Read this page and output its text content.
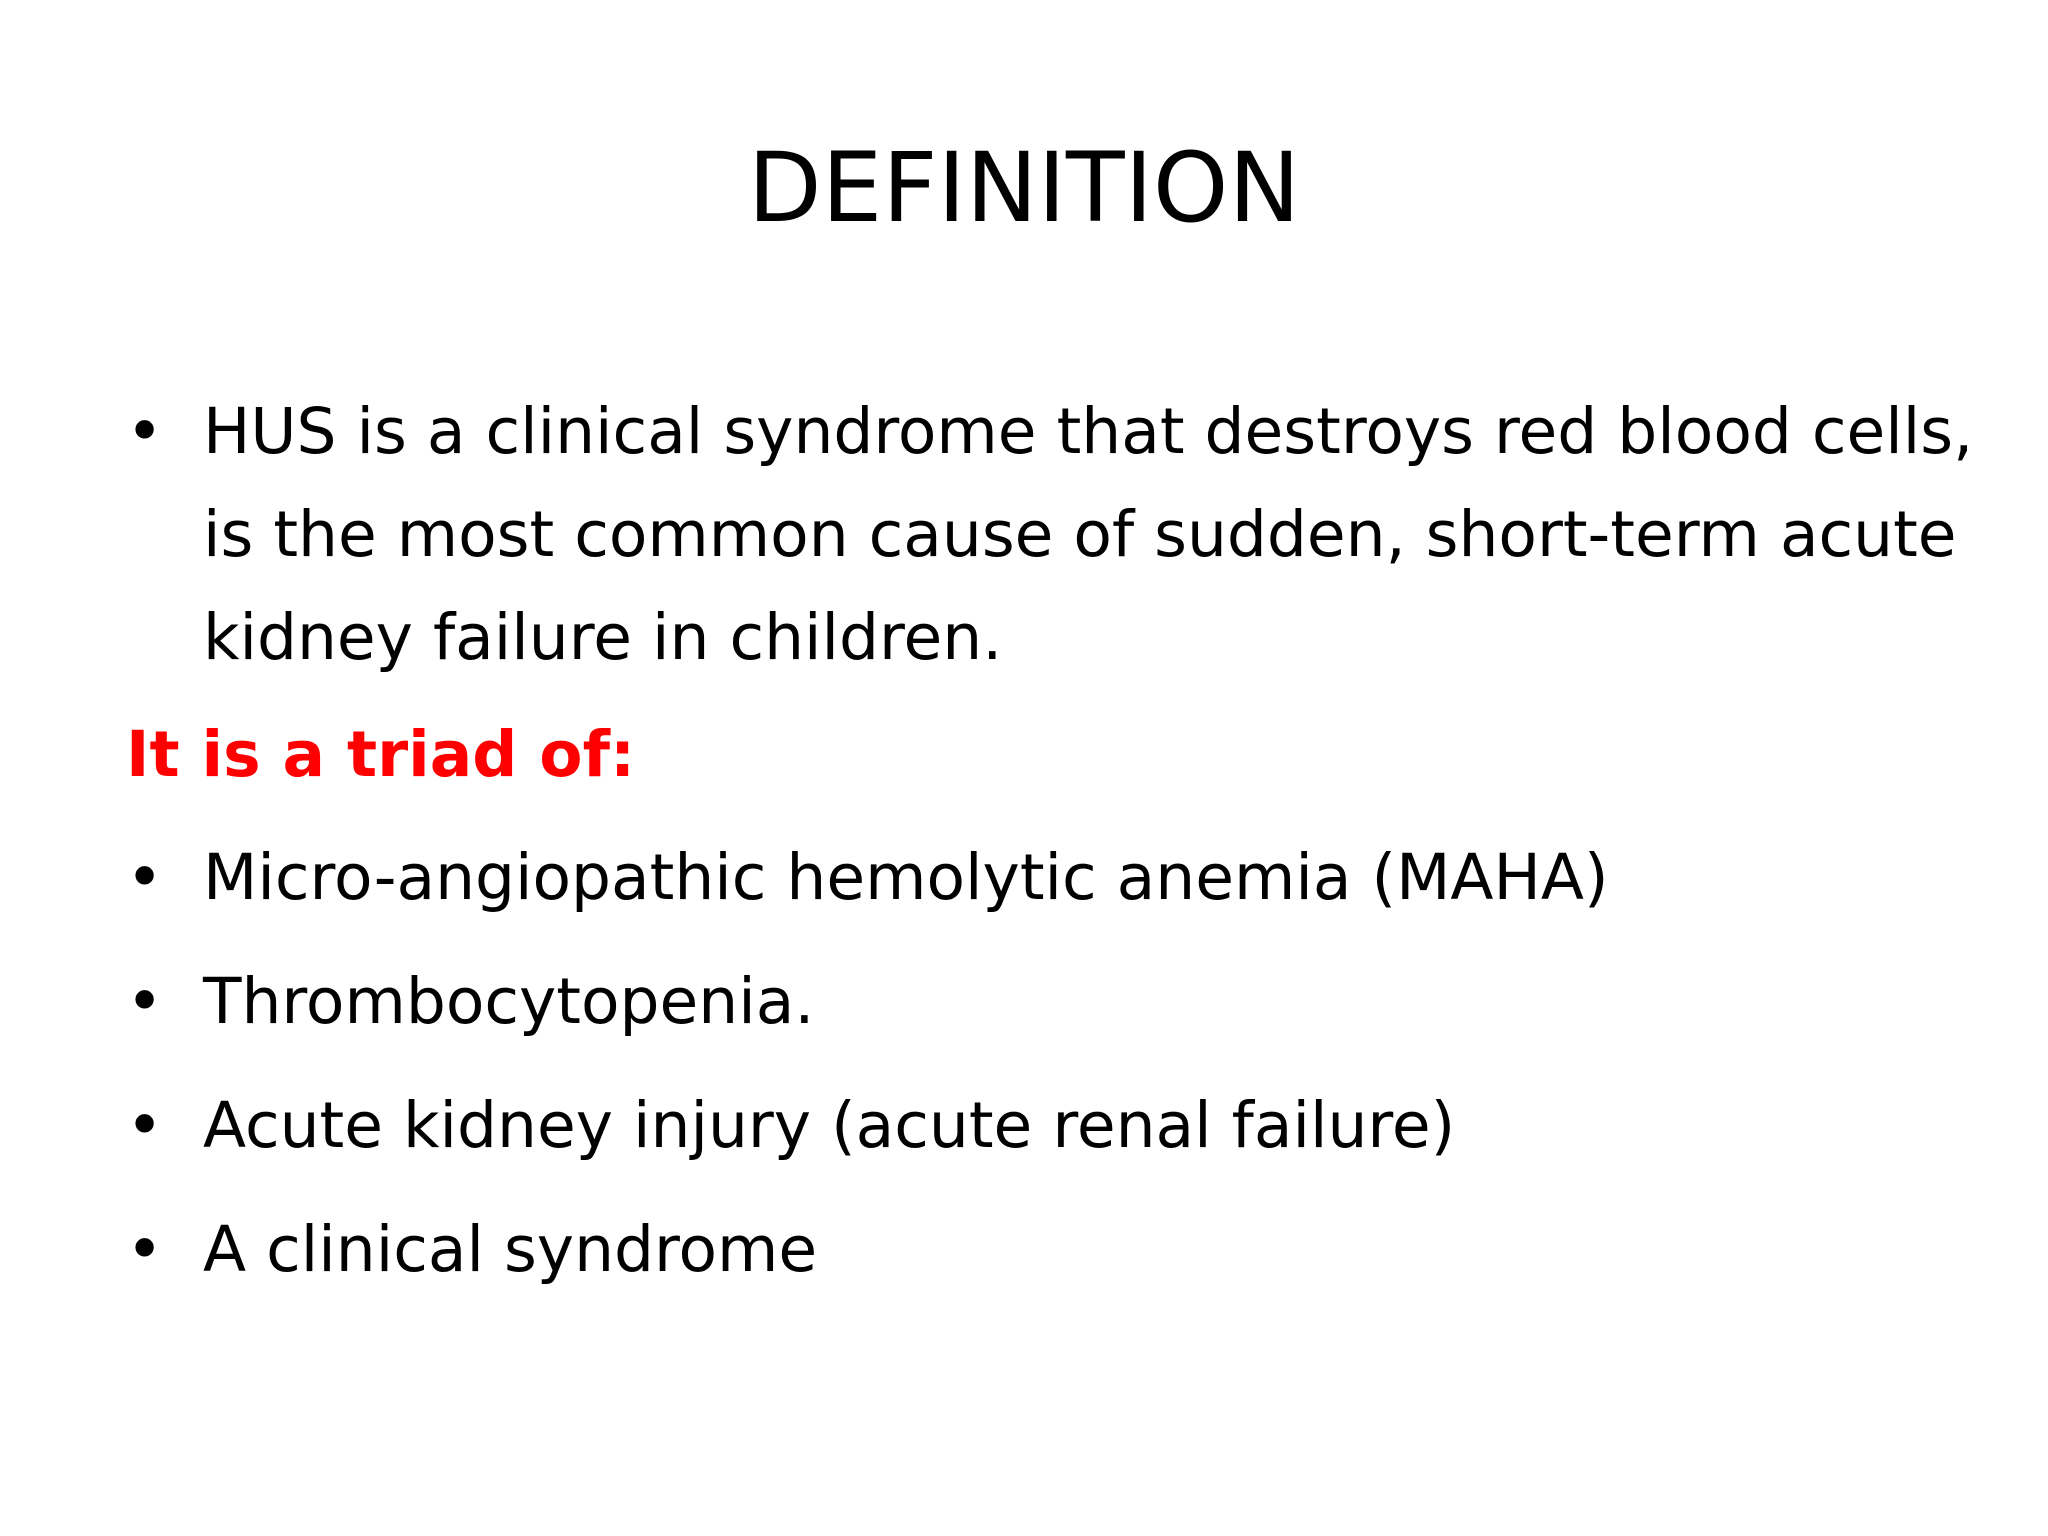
DEFINITION

• HUS is a clinical syndrome that destroys red blood cells, is the most common cause of sudden, short-term acute kidney failure in children.

It is a triad of:

• Micro-angiopathic hemolytic anemia (MAHA)

• Thrombocytopenia.

• Acute kidney injury (acute renal failure)

• A clinical syndrome
